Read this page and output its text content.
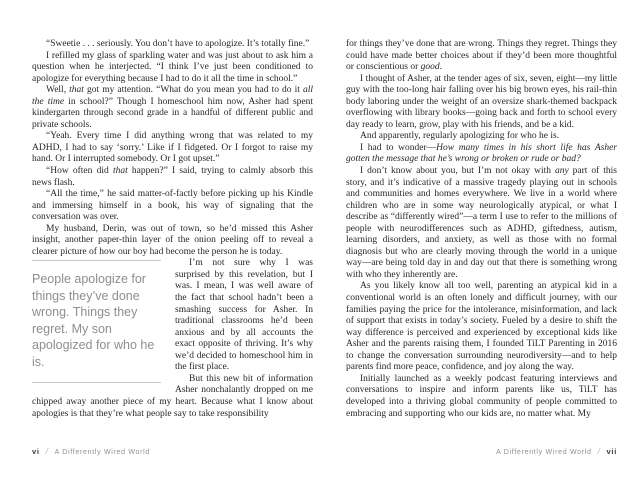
“Sweetie . . . seriously. You don’t have to apologize. It’s totally fine.”

I refilled my glass of sparkling water and was just about to ask him a question when he interjected. “I think I’ve just been conditioned to apologize for everything because I had to do it all the time in school.”

Well, that got my attention. “What do you mean you had to do it all the time in school?” Though I homeschool him now, Asher had spent kindergarten through second grade in a handful of different public and private schools.

“Yeah. Every time I did anything wrong that was related to my ADHD, I had to say ‘sorry.’ Like if I fidgeted. Or I forgot to raise my hand. Or I interrupted somebody. Or I got upset.”

“How often did that happen?” I said, trying to calmly absorb this news flash.

“All the time,” he said matter-of-factly before picking up his Kindle and immersing himself in a book, his way of signaling that the conversation was over.

My husband, Derin, was out of town, so he’d missed this Asher insight, another paper-thin layer of the onion peeling off to reveal a clearer picture of how our boy had become the person he is today.

People apologize for things they’ve done wrong. Things they regret. My son apologized for who he is.

I’m not sure why I was surprised by this revelation, but I was. I mean, I was well aware of the fact that school hadn’t been a smashing success for Asher. In traditional classrooms he’d been anxious and by all accounts the exact opposite of thriving. It’s why we’d decided to homeschool him in the first place.

But this new bit of information Asher nonchalantly dropped on me chipped away another piece of my heart. Because what I know about apologies is that they’re what people say to take responsibility

vi / A Differently Wired World

for things they’ve done that are wrong. Things they regret. Things they could have made better choices about if they’d been more thoughtful or conscientious or good.

I thought of Asher, at the tender ages of six, seven, eight—my little guy with the too-long hair falling over his big brown eyes, his rail-thin body laboring under the weight of an oversize shark-themed backpack overflowing with library books—going back and forth to school every day ready to learn, grow, play with his friends, and be a kid.

And apparently, regularly apologizing for who he is.

I had to wonder—How many times in his short life has Asher gotten the message that he’s wrong or broken or rude or bad?

I don’t know about you, but I’m not okay with any part of this story, and it’s indicative of a massive tragedy playing out in schools and communities and homes everywhere. We live in a world where children who are in some way neurologically atypical, or what I describe as “differently wired”—a term I use to refer to the millions of people with neurodifferences such as ADHD, giftedness, autism, learning disorders, and anxiety, as well as those with no formal diagnosis but who are clearly moving through the world in a unique way—are being told day in and day out that there is something wrong with who they inherently are.

As you likely know all too well, parenting an atypical kid in a conventional world is an often lonely and difficult journey, with our families paying the price for the intolerance, misinformation, and lack of support that exists in today’s society. Fueled by a desire to shift the way difference is perceived and experienced by exceptional kids like Asher and the parents raising them, I founded TiLT Parenting in 2016 to change the conversation surrounding neurodiversity—and to help parents find more peace, confidence, and joy along the way.

Initially launched as a weekly podcast featuring interviews and conversations to inspire and inform parents like us, TiLT has developed into a thriving global community of people committed to embracing and supporting who our kids are, no matter what. My

A Differently Wired World / vii
